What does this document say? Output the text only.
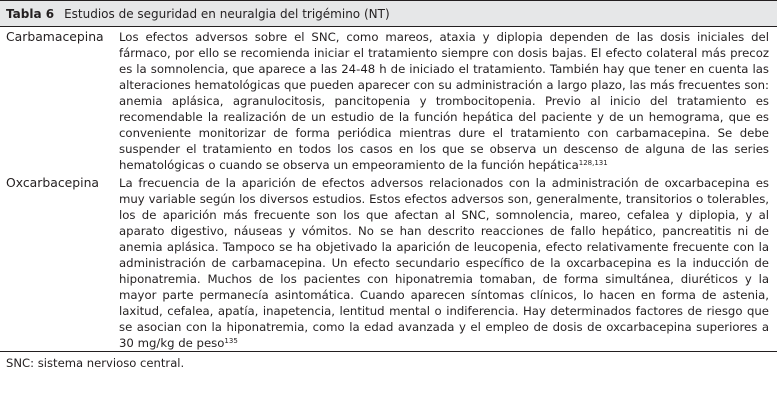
Tabla 6 Estudios de seguridad en neuralgia del trigémino (NT)
Carbamacepina	Los efectos adversos sobre el SNC, como mareos, ataxia y diplopia dependen de las dosis iniciales del fármaco, por ello se recomienda iniciar el tratamiento siempre con dosis bajas. El efecto colateral más precoz es la somnolencia, que aparece a las 24-48 h de iniciado el tratamiento. También hay que tener en cuenta las alteraciones hematológicas que pueden aparecer con su administración a largo plazo, las más frecuentes son: anemia aplásica, agranulocitosis, pancitopenia y trombocitopenia. Previo al inicio del tratamiento es recomendable la realización de un estudio de la función hepática del paciente y de un hemograma, que es conveniente monitorizar de forma periódica mientras dure el tratamiento con carbamacepina. Se debe suspender el tratamiento en todos los casos en los que se observa un descenso de alguna de las series hematológicas o cuando se observa un empeoramiento de la función hepática$^{128,131}$
Oxcarbacepina	La frecuencia de la aparición de efectos adversos relacionados con la administración de oxcarbacepina es muy variable según los diversos estudios. Estos efectos adversos son, generalmente, transitorios o tolerables, los de aparición más frecuente son los que afectan al SNC, somnolencia, mareo, cefalea y diplopia, y al aparato digestivo, náuseas y vómitos. No se han descrito reacciones de fallo hepático, pancreatitis ni de anemia aplásica. Tampoco se ha objetivado la aparición de leucopenia, efecto relativamente frecuente con la administración de carbamacepina. Un efecto secundario específico de la oxcarbacepina es la inducción de hiponatremia. Muchos de los pacientes con hiponatremia tomaban, de forma simultánea, diuréticos y la mayor parte permanecía asintomática. Cuando aparecen síntomas clínicos, lo hacen en forma de astenia, laxitud, cefalea, apatía, inapetencia, lentitud mental o indiferencia. Hay determinados factores de riesgo que se asocian con la hiponatremia, como la edad avanzada y el empleo de dosis de oxcarbacepina superiores a 30 mg/kg de peso$^{135}$
SNC: sistema nervioso central.
